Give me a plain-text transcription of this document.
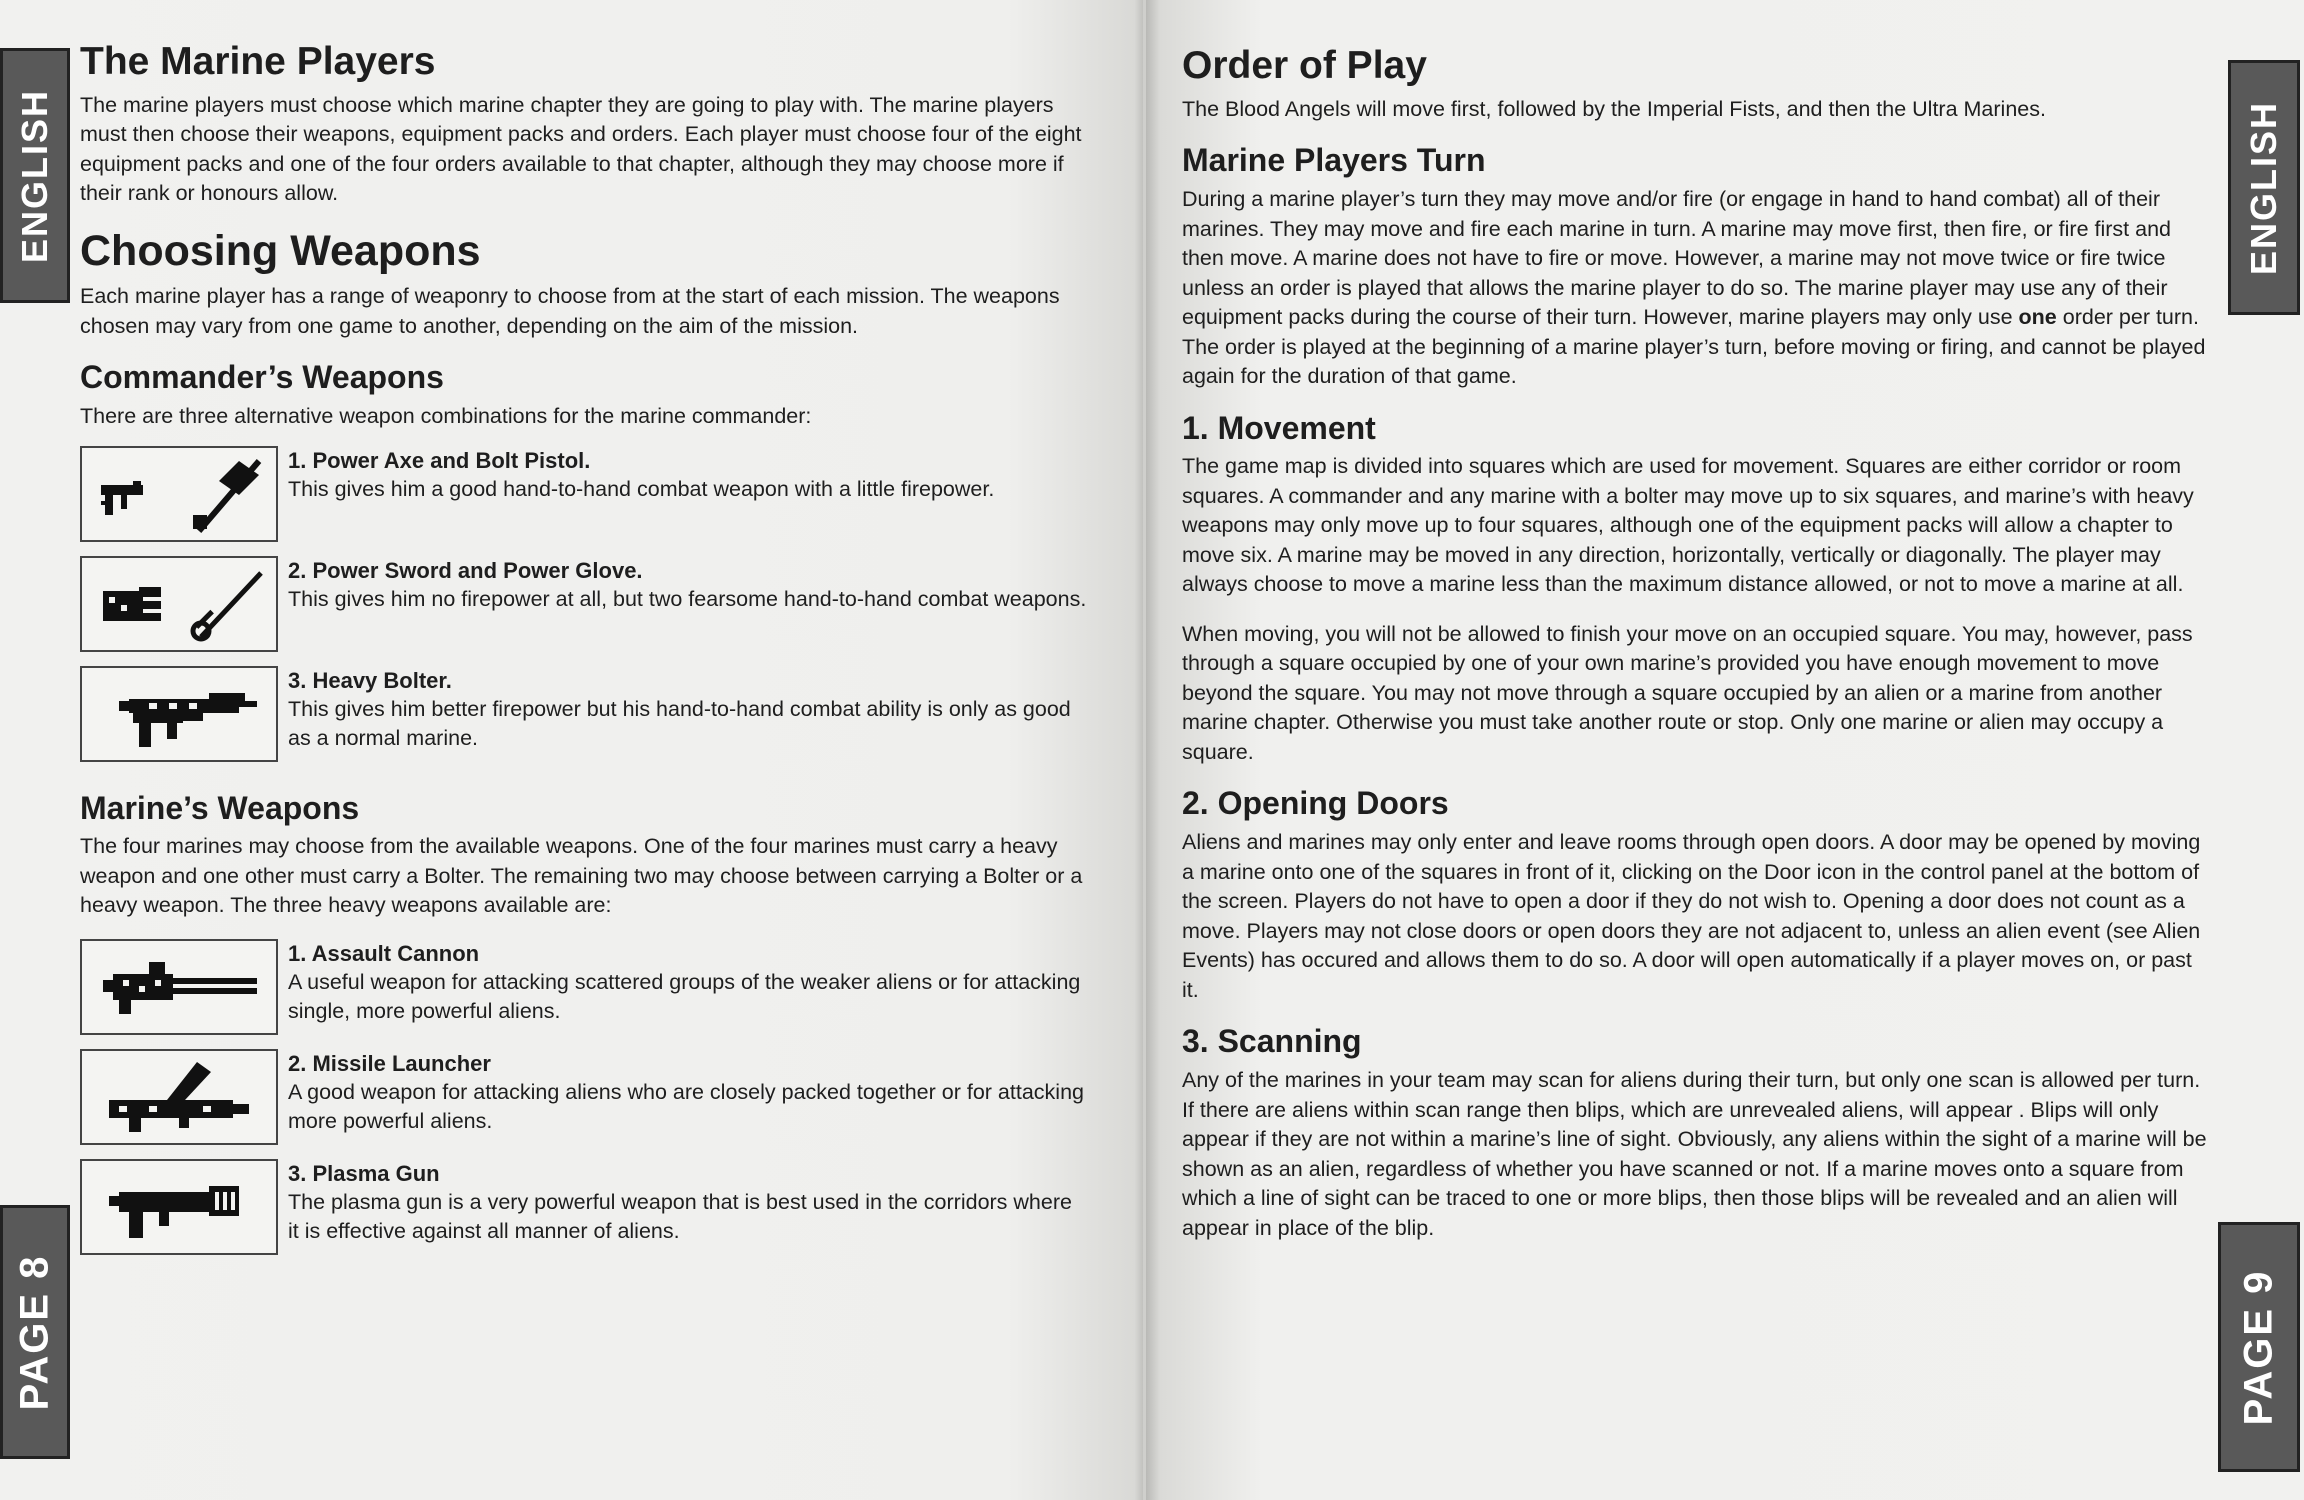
ENGLISH
PAGE 8
The Marine Players

The marine players must choose which marine chapter they are going to play with. The marine players must then choose their weapons, equipment packs and orders. Each player must choose four of the eight equipment packs and one of the four orders available to that chapter, although they may choose more if their rank or honours allow.

Choosing Weapons

Each marine player has a range of weaponry to choose from at the start of each mission. The weapons chosen may vary from one game to another, depending on the aim of the mission.

Commander’s Weapons

There are three alternative weapon combinations for the marine commander:

1. Power Axe and Bolt Pistol.

This gives him a good hand-to-hand combat weapon with a little firepower.

2. Power Sword and Power Glove.

This gives him no firepower at all, but two fearsome hand-to-hand combat weapons.

3. Heavy Bolter.

This gives him better firepower but his hand-to-hand combat ability is only as good as a normal marine.

Marine’s Weapons

The four marines may choose from the available weapons. One of the four marines must carry a heavy weapon and one other must carry a Bolter. The remaining two may choose between carrying a Bolter or a heavy weapon. The three heavy weapons available are:

1. Assault Cannon

A useful weapon for attacking scattered groups of the weaker aliens or for attacking single, more powerful aliens.

2. Missile Launcher

A good weapon for attacking aliens who are closely packed together or for attacking more powerful aliens.

3. Plasma Gun

The plasma gun is a very powerful weapon that is best used in the corridors where it is effective against all manner of aliens.

ENGLISH
PAGE 9
Order of Play

The Blood Angels will move first, followed by the Imperial Fists, and then the Ultra Marines.

Marine Players Turn

During a marine player’s turn they may move and/or fire (or engage in hand to hand combat) all of their marines. They may move and fire each marine in turn. A marine may move first, then fire, or fire first and then move. A marine does not have to fire or move. However, a marine may not move twice or fire twice unless an order is played that allows the marine player to do so. The marine player may use any of their equipment packs during the course of their turn. However, marine players may only use one order per turn. The order is played at the beginning of a marine player’s turn, before moving or firing, and cannot be played again for the duration of that game.

1. Movement

The game map is divided into squares which are used for movement. Squares are either corridor or room squares. A commander and any marine with a bolter may move up to six squares, and marine’s with heavy weapons may only move up to four squares, although one of the equipment packs will allow a chapter to move six. A marine may be moved in any direction, horizontally, vertically or diagonally. The player may always choose to move a marine less than the maximum distance allowed, or not to move a marine at all.

When moving, you will not be allowed to finish your move on an occupied square. You may, however, pass through a square occupied by one of your own marine’s provided you have enough movement to move beyond the square. You may not move through a square occupied by an alien or a marine from another marine chapter. Otherwise you must take another route or stop. Only one marine or alien may occupy a square.

2. Opening Doors

Aliens and marines may only enter and leave rooms through open doors. A door may be opened by moving a marine onto one of the squares in front of it, clicking on the Door icon in the control panel at the bottom of the screen. Players do not have to open a door if they do not wish to. Opening a door does not count as a move. Players may not close doors or open doors they are not adjacent to, unless an alien event (see Alien Events) has occured and allows them to do so. A door will open automatically if a player moves on, or past it.

3. Scanning

Any of the marines in your team may scan for aliens during their turn, but only one scan is allowed per turn. If there are aliens within scan range then blips, which are unrevealed aliens, will appear . Blips will only appear if they are not within a marine’s line of sight. Obviously, any aliens within the sight of a marine will be shown as an alien, regardless of whether you have scanned or not. If a marine moves onto a square from which a line of sight can be traced to one or more blips, then those blips will be revealed and an alien will appear in place of the blip.
